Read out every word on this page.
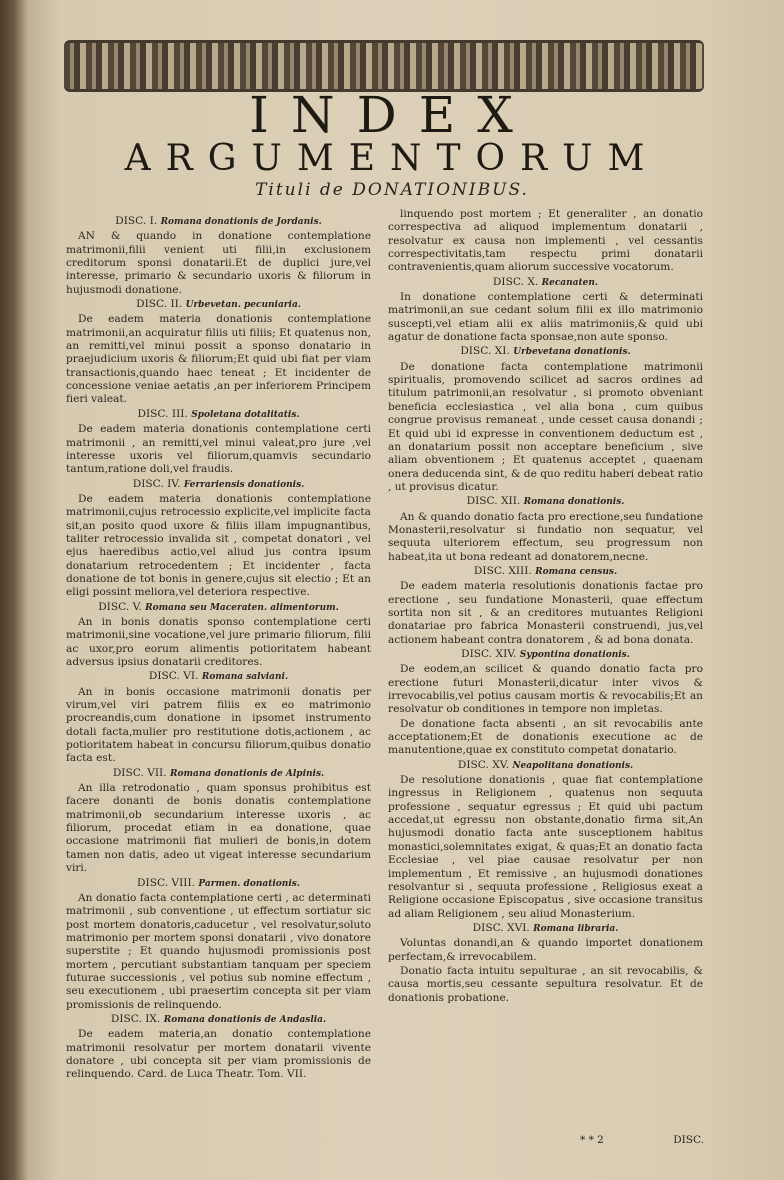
INDEX
ARGUMENTORUM
Tituli de DONATIONIBUS.
DISC. I. Romana donationis de Jordanis.
AN & quando in donatione contemplatione matrimonii,filii venient uti filii,in exclusionem creditorum sponsi donatarii.Et de duplici jure,vel interesse, primario & secundario uxoris & filiorum in hujusmodi donatione.
DISC. II. Urbevetan. pecuniaria.
De eadem materia donationis contemplatione matrimonii,an acquiratur filiis uti filiis; Et quatenus non, an remitti,vel minui possit a sponso donatario in praejudicium uxoris & filiorum;Et quid ubi fiat per viam transactionis,quando haec teneat ; Et incidenter de concessione veniae aetatis ,an per inferiorem Principem fieri valeat.
DISC. III. Spoletana dotalitatis.
De eadem materia donationis contemplatione certi matrimonii , an remitti,vel minui valeat,pro jure ,vel interesse uxoris vel filiorum,quamvis secundario tantum,ratione doli,vel fraudis.
DISC. IV. Ferrariensis donationis.
De eadem materia donationis contemplatione matrimonii,cujus retrocessio explicite,vel implicite facta sit,an posito quod uxore & filiis illam impugnantibus, taliter retrocessio invalida sit , competat donatori , vel ejus haeredibus actio,vel aliud jus contra ipsum donatarium retrocedentem ; Et incidenter , facta donatione de tot bonis in genere,cujus sit electio ; Et an eligi possint meliora,vel deteriora respective.
DISC. V. Romana seu Maceraten. alimentorum.
An in bonis donatis sponso contemplatione certi matrimonii,sine vocatione,vel jure primario filiorum, filii ac uxor,pro eorum alimentis potioritatem habeant adversus ipsius donatarii creditores.
DISC. VI. Romana salviani.
An in bonis occasione matrimonii donatis per virum,vel viri patrem filiis ex eo matrimonio procreandis,cum donatione in ipsomet instrumento dotali facta,mulier pro restitutione dotis,actionem , ac potioritatem habeat in concursu filiorum,quibus donatio facta est.
DISC. VII. Romana donationis de Alpinis.
An illa retrodonatio , quam sponsus prohibitus est facere donanti de bonis donatis contemplatione matrimonii,ob secundarium interesse uxoris , ac filiorum, procedat etiam in ea donatione, quae occasione matrimonii fiat mulieri de bonis,in dotem tamen non datis, adeo ut vigeat interesse secundarium viri.
DISC. VIII. Parmen. donationis.
An donatio facta contemplatione certi , ac determinati matrimonii , sub conventione , ut effectum sortiatur sic post mortem donatoris,caducetur , vel resolvatur,soluto matrimonio per mortem sponsi donatarii , vivo donatore superstite ; Et quando hujusmodi promissionis post mortem , percutiant substantiam tanquam per speciem futurae successionis , vel potius sub nomine effectum , seu executionem , ubi praesertim concepta sit per viam promissionis de relinquendo.
DISC. IX. Romana donationis de Andaslia.
De eadem materia,an donatio contemplatione matrimonii resolvatur per mortem donatarii vivente donatore , ubi concepta sit per viam promissionis de relinquendo. Card. de Luca Theatr. Tom. VII.
linquendo post mortem ; Et generaliter , an donatio correspectiva ad aliquod implementum donatarii , resolvatur ex causa non implementi , vel cessantis correspectivitatis,tam respectu primi donatarii contravenientis,quam aliorum successive vocatorum.
DISC. X. Recanaten.
In donatione contemplatione certi & determinati matrimonii,an sue cedant solum filii ex illo matrimonio suscepti,vel etiam alii ex aliis matrimoniis,& quid ubi agatur de donatione facta sponsae,non aute sponso.
DISC. XI. Urbevetana donationis.
De donatione facta contemplatione matrimonii spiritualis, promovendo scilicet ad sacros ordines ad titulum patrimonii,an resolvatur , si promoto obveniant beneficia ecclesiastica , vel alia bona , cum quibus congrue provisus remaneat , unde cesset causa donandi ; Et quid ubi id expresse in conventionem deductum est , an donatarium possit non acceptare beneficium , sive aliam obventionem ; Et quatenus acceptet , quaenam onera deducenda sint, & de quo reditu haberi debeat ratio , ut provisus dicatur.
DISC. XII. Romana donationis.
An & quando donatio facta pro erectione,seu fundatione Monasterii,resolvatur si fundatio non sequatur, vel sequuta ulteriorem effectum, seu progressum non habeat,ita ut bona redeant ad donatorem,necne.
DISC. XIII. Romana census.
De eadem materia resolutionis donationis factae pro erectione , seu fundatione Monasterii, quae effectum sortita non sit , & an creditores mutuantes Religioni donatariae pro fabrica Monasterii construendi, jus,vel actionem habeant contra donatorem , & ad bona donata.
DISC. XIV. Sypontina donationis.
De eodem,an scilicet & quando donatio facta pro erectione futuri Monasterii,dicatur inter vivos & irrevocabilis,vel potius causam mortis & revocabilis;Et an resolvatur ob conditiones in tempore non impletas.
De donatione facta absenti , an sit revocabilis ante acceptationem;Et de donationis executione ac de manutentione,quae ex constituto competat donatario.
DISC. XV. Neapolitana donationis.
De resolutione donationis , quae fiat contemplatione ingressus in Religionem , quatenus non sequuta professione , sequatur egressus ; Et quid ubi pactum accedat,ut egressu non obstante,donatio firma sit,An hujusmodi donatio facta ante susceptionem habitus monastici,solemnitates exigat, & quas;Et an donatio facta Ecclesiae , vel piae causae resolvatur per non implementum , Et remissive , an hujusmodi donationes resolvantur si , sequuta professione , Religiosus exeat a Religione occasione Episcopatus , sive occasione transitus ad aliam Religionem , seu aliud Monasterium.
DISC. XVI. Romana libraria.
Voluntas donandi,an & quando importet donationem perfectam,& irrevocabilem.
Donatio facta intuitu sepulturae , an sit revocabilis, & causa mortis,seu cessante sepultura resolvatur. Et de donationis probatione.
* * 2	DISC.
